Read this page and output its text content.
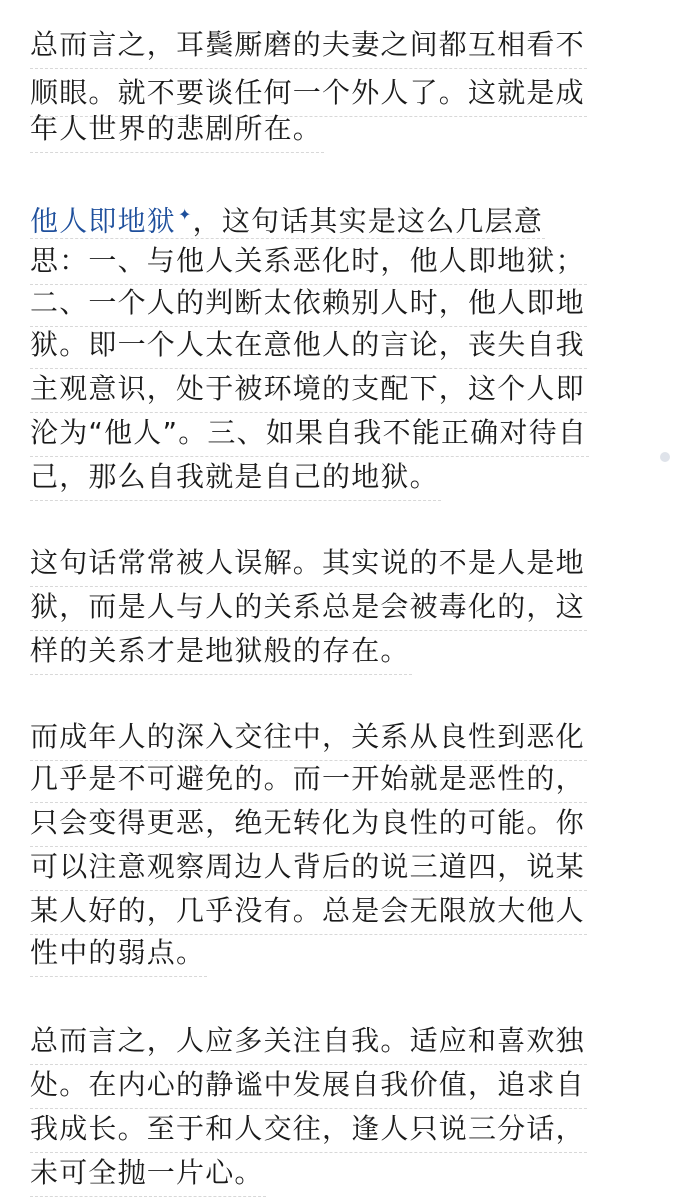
总而言之，耳鬓厮磨的夫妻之间都互相看不
顺眼。就不要谈任何一个外人了。这就是成
年人世界的悲剧所在。
他人即地狱 ✦，这句话其实是这么几层意
思：一、与他人关系恶化时，他人即地狱；
二、一个人的判断太依赖别人时，他人即地
狱。即一个人太在意他人的言论，丧失自我
主观意识，处于被环境的支配下，这个人即
沦为“他人”。三、如果自我不能正确对待自
己，那么自我就是自己的地狱。
这句话常常被人误解。其实说的不是人是地
狱，而是人与人的关系总是会被毒化的，这
样的关系才是地狱般的存在。
而成年人的深入交往中，关系从良性到恶化
几乎是不可避免的。而一开始就是恶性的，
只会变得更恶，绝无转化为良性的可能。你
可以注意观察周边人背后的说三道四，说某
某人好的，几乎没有。总是会无限放大他人
性中的弱点。
总而言之，人应多关注自我。适应和喜欢独
处。在内心的静谧中发展自我价值，追求自
我成长。至于和人交往，逢人只说三分话，
未可全抛一片心。
